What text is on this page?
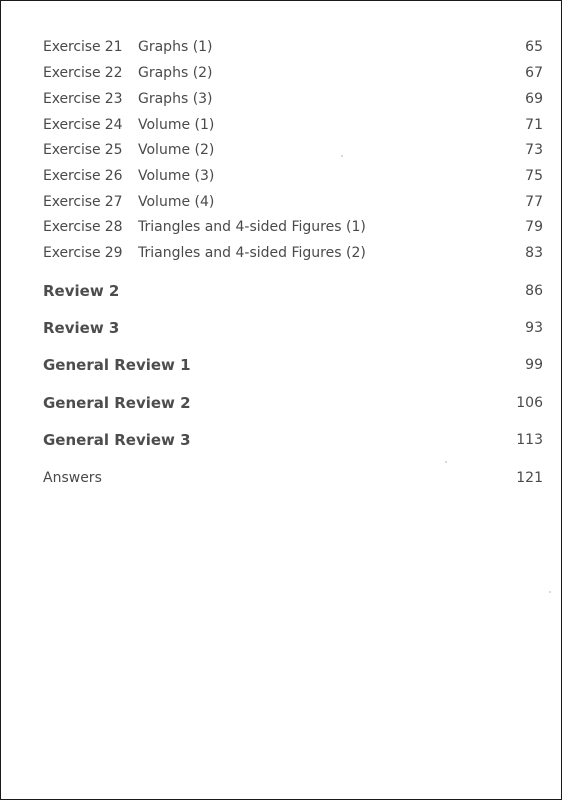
Exercise 21	Graphs (1)	65
Exercise 22	Graphs (2)	67
Exercise 23	Graphs (3)	69
Exercise 24	Volume (1)	71
Exercise 25	Volume (2)	73
Exercise 26	Volume (3)	75
Exercise 27	Volume (4)	77
Exercise 28	Triangles and 4-sided Figures (1)	79
Exercise 29	Triangles and 4-sided Figures (2)	83
Review 2	86
Review 3	93
General Review 1	99
General Review 2	106
General Review 3	113
Answers	121
